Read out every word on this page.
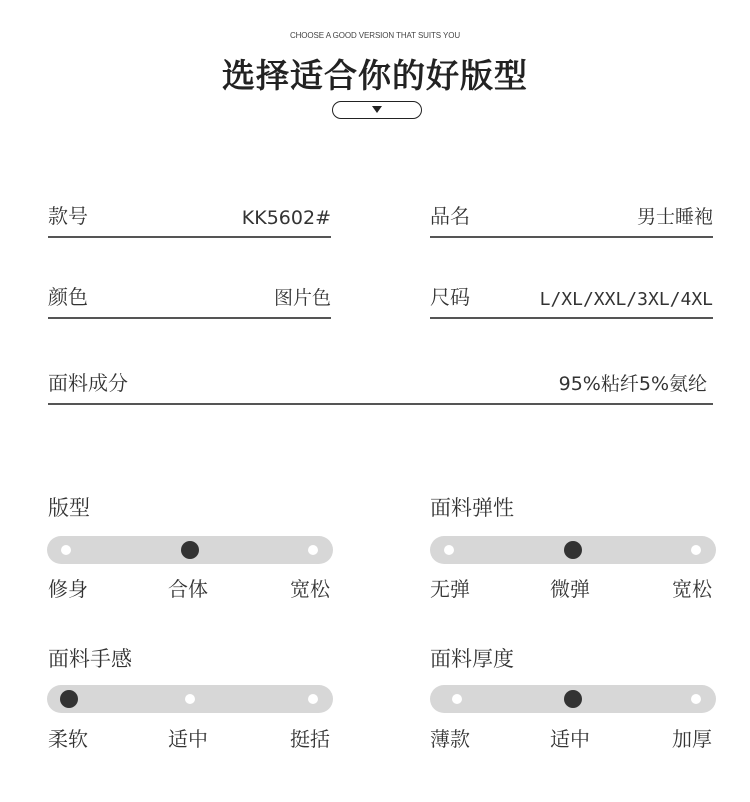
CHOOSE A GOOD VERSION THAT SUITS YOU
选择适合你的好版型
款号	KK5602#	品名	男士睡袍
颜色	图片色	尺码	L/XL/XXL/3XL/4XL
面料成分	95%粘纤5%氨纶
版型
修身	合体	宽松
面料弹性
无弹	微弹	宽松
面料手感
柔软	适中	挺括
面料厚度
薄款	适中	加厚
